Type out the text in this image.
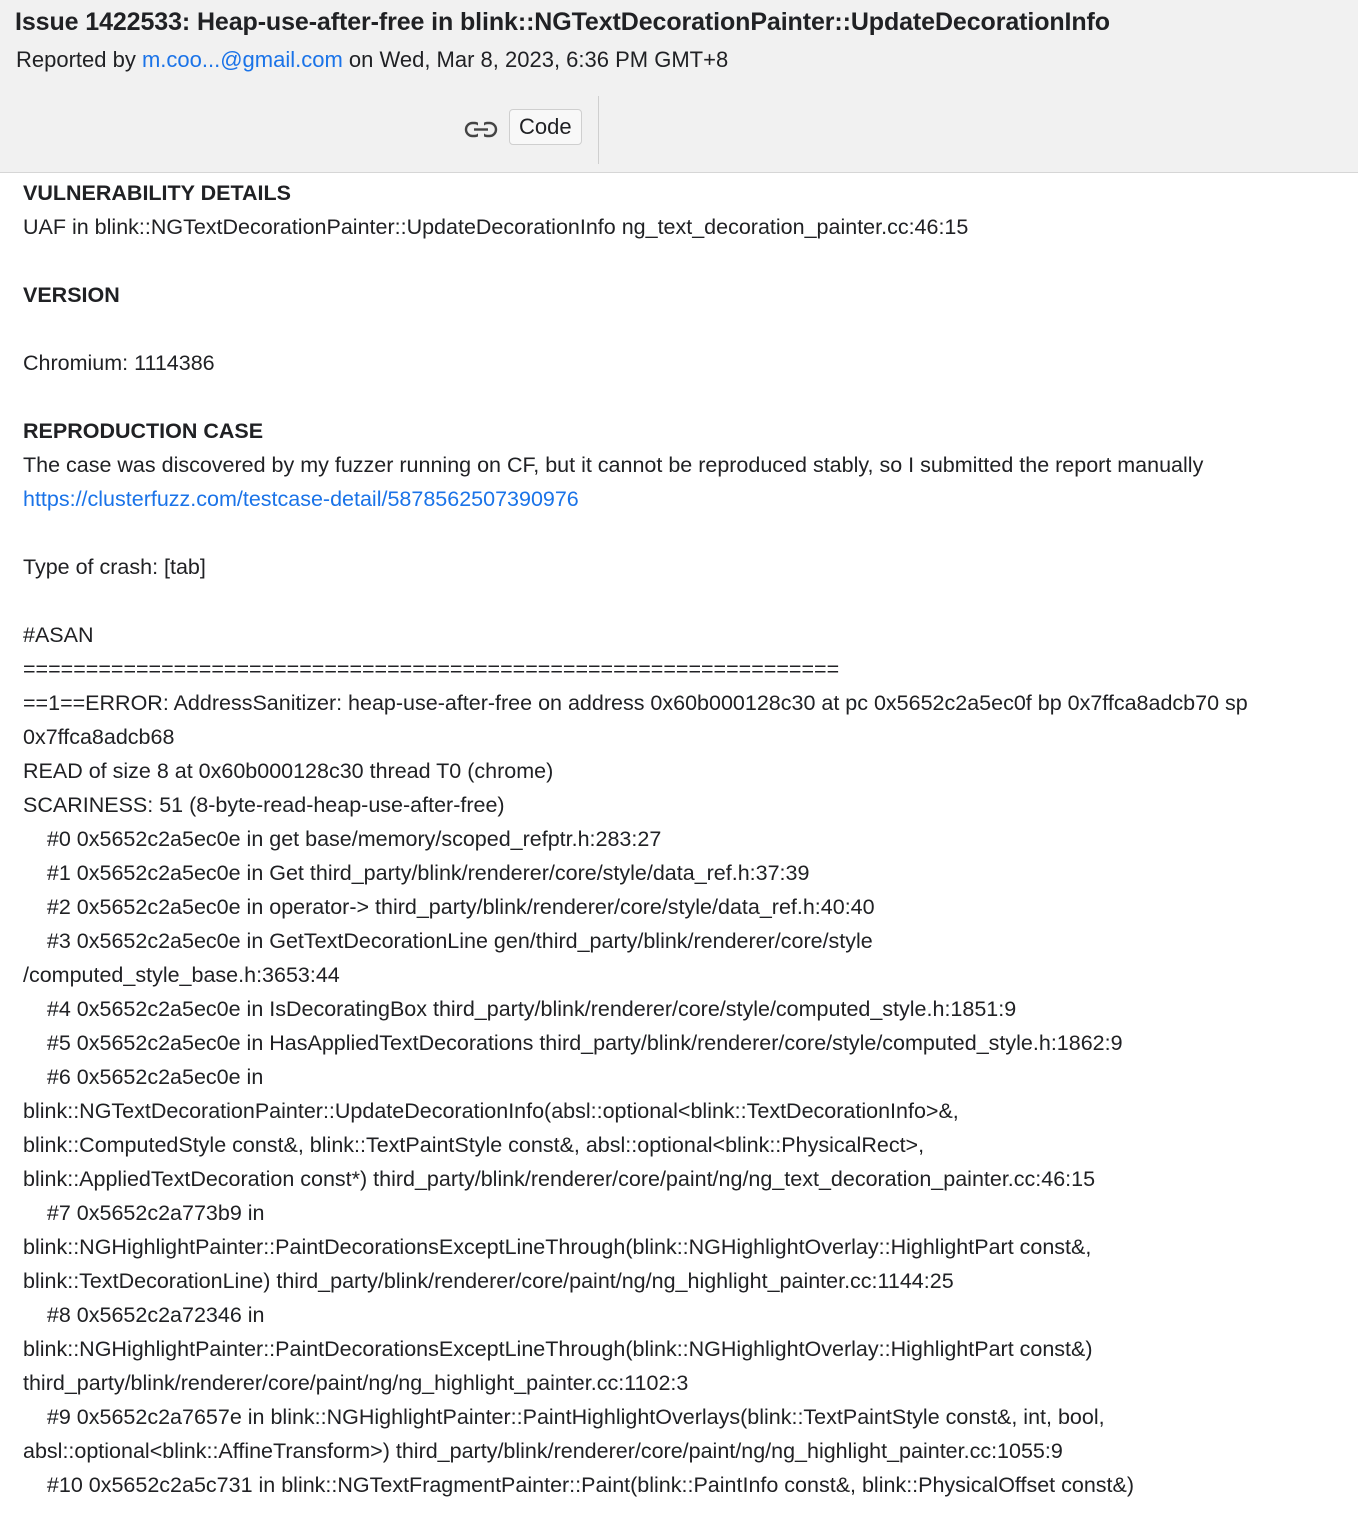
Issue 1422533: Heap-use-after-free in blink::NGTextDecorationPainter::UpdateDecorationInfo
Reported by m.coo...@gmail.com on Wed, Mar 8, 2023, 6:36 PM GMT+8
Code
VULNERABILITY DETAILS
UAF in blink::NGTextDecorationPainter::UpdateDecorationInfo ng_text_decoration_painter.cc:46:15
VERSION
Chromium: 1114386
REPRODUCTION CASE
The case was discovered by my fuzzer running on CF, but it cannot be reproduced stably, so I submitted the report manually
https://clusterfuzz.com/testcase-detail/5878562507390976
Type of crash: [tab]
#ASAN
=================================================================
==1==ERROR: AddressSanitizer: heap-use-after-free on address 0x60b000128c30 at pc 0x5652c2a5ec0f bp 0x7ffca8adcb70 sp 0x7ffca8adcb68
READ of size 8 at 0x60b000128c30 thread T0 (chrome)
SCARINESS: 51 (8-byte-read-heap-use-after-free)
#0 0x5652c2a5ec0e in get base/memory/scoped_refptr.h:283:27
#1 0x5652c2a5ec0e in Get third_party/blink/renderer/core/style/data_ref.h:37:39
#2 0x5652c2a5ec0e in operator-> third_party/blink/renderer/core/style/data_ref.h:40:40
#3 0x5652c2a5ec0e in GetTextDecorationLine gen/third_party/blink/renderer/core/style
/computed_style_base.h:3653:44
#4 0x5652c2a5ec0e in IsDecoratingBox third_party/blink/renderer/core/style/computed_style.h:1851:9
#5 0x5652c2a5ec0e in HasAppliedTextDecorations third_party/blink/renderer/core/style/computed_style.h:1862:9
#6 0x5652c2a5ec0e in
blink::NGTextDecorationPainter::UpdateDecorationInfo(absl::optional<blink::TextDecorationInfo>&,
blink::ComputedStyle const&, blink::TextPaintStyle const&, absl::optional<blink::PhysicalRect>,
blink::AppliedTextDecoration const*) third_party/blink/renderer/core/paint/ng/ng_text_decoration_painter.cc:46:15
#7 0x5652c2a773b9 in
blink::NGHighlightPainter::PaintDecorationsExceptLineThrough(blink::NGHighlightOverlay::HighlightPart const&,
blink::TextDecorationLine) third_party/blink/renderer/core/paint/ng/ng_highlight_painter.cc:1144:25
#8 0x5652c2a72346 in
blink::NGHighlightPainter::PaintDecorationsExceptLineThrough(blink::NGHighlightOverlay::HighlightPart const&)
third_party/blink/renderer/core/paint/ng/ng_highlight_painter.cc:1102:3
#9 0x5652c2a7657e in blink::NGHighlightPainter::PaintHighlightOverlays(blink::TextPaintStyle const&, int, bool,
absl::optional<blink::AffineTransform>) third_party/blink/renderer/core/paint/ng/ng_highlight_painter.cc:1055:9
#10 0x5652c2a5c731 in blink::NGTextFragmentPainter::Paint(blink::PaintInfo const&, blink::PhysicalOffset const&)
